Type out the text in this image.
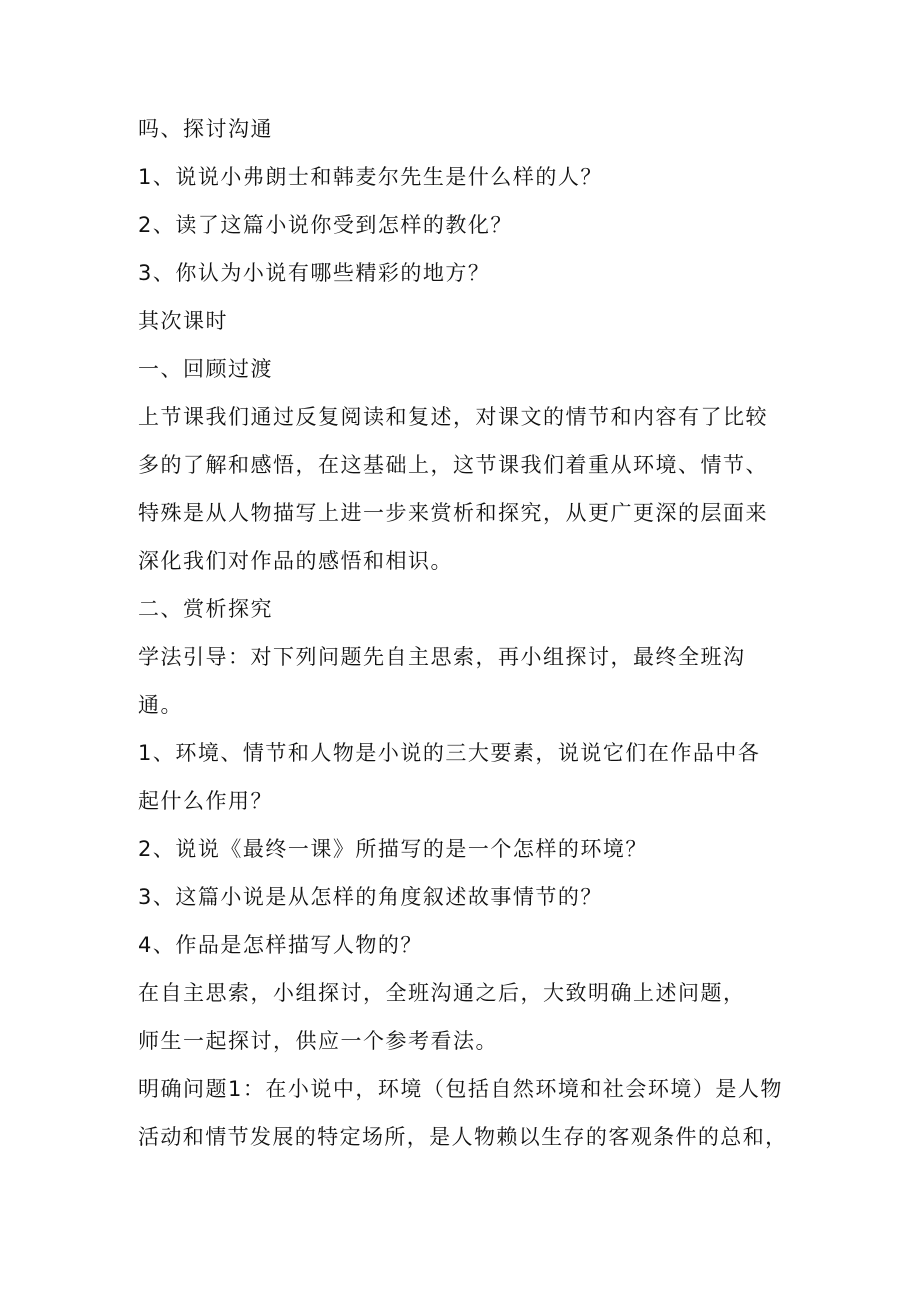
吗、探讨沟通
1、说说小弗朗士和韩麦尔先生是什么样的人？
2、读了这篇小说你受到怎样的教化？
3、你认为小说有哪些精彩的地方？
其次课时
一、回顾过渡
上节课我们通过反复阅读和复述，对课文的情节和内容有了比较
多的了解和感悟，在这基础上，这节课我们着重从环境、情节、
特殊是从人物描写上进一步来赏析和探究，从更广更深的层面来
深化我们对作品的感悟和相识。
二、赏析探究
学法引导：对下列问题先自主思索，再小组探讨，最终全班沟
通。
1、环境、情节和人物是小说的三大要素，说说它们在作品中各
起什么作用？
2、说说《最终一课》所描写的是一个怎样的环境？
3、这篇小说是从怎样的角度叙述故事情节的？
4、作品是怎样描写人物的？
在自主思索，小组探讨，全班沟通之后，大致明确上述问题，
师生一起探讨，供应一个参考看法。
明确问题1：在小说中，环境（包括自然环境和社会环境）是人物
活动和情节发展的特定场所，是人物赖以生存的客观条件的总和，
